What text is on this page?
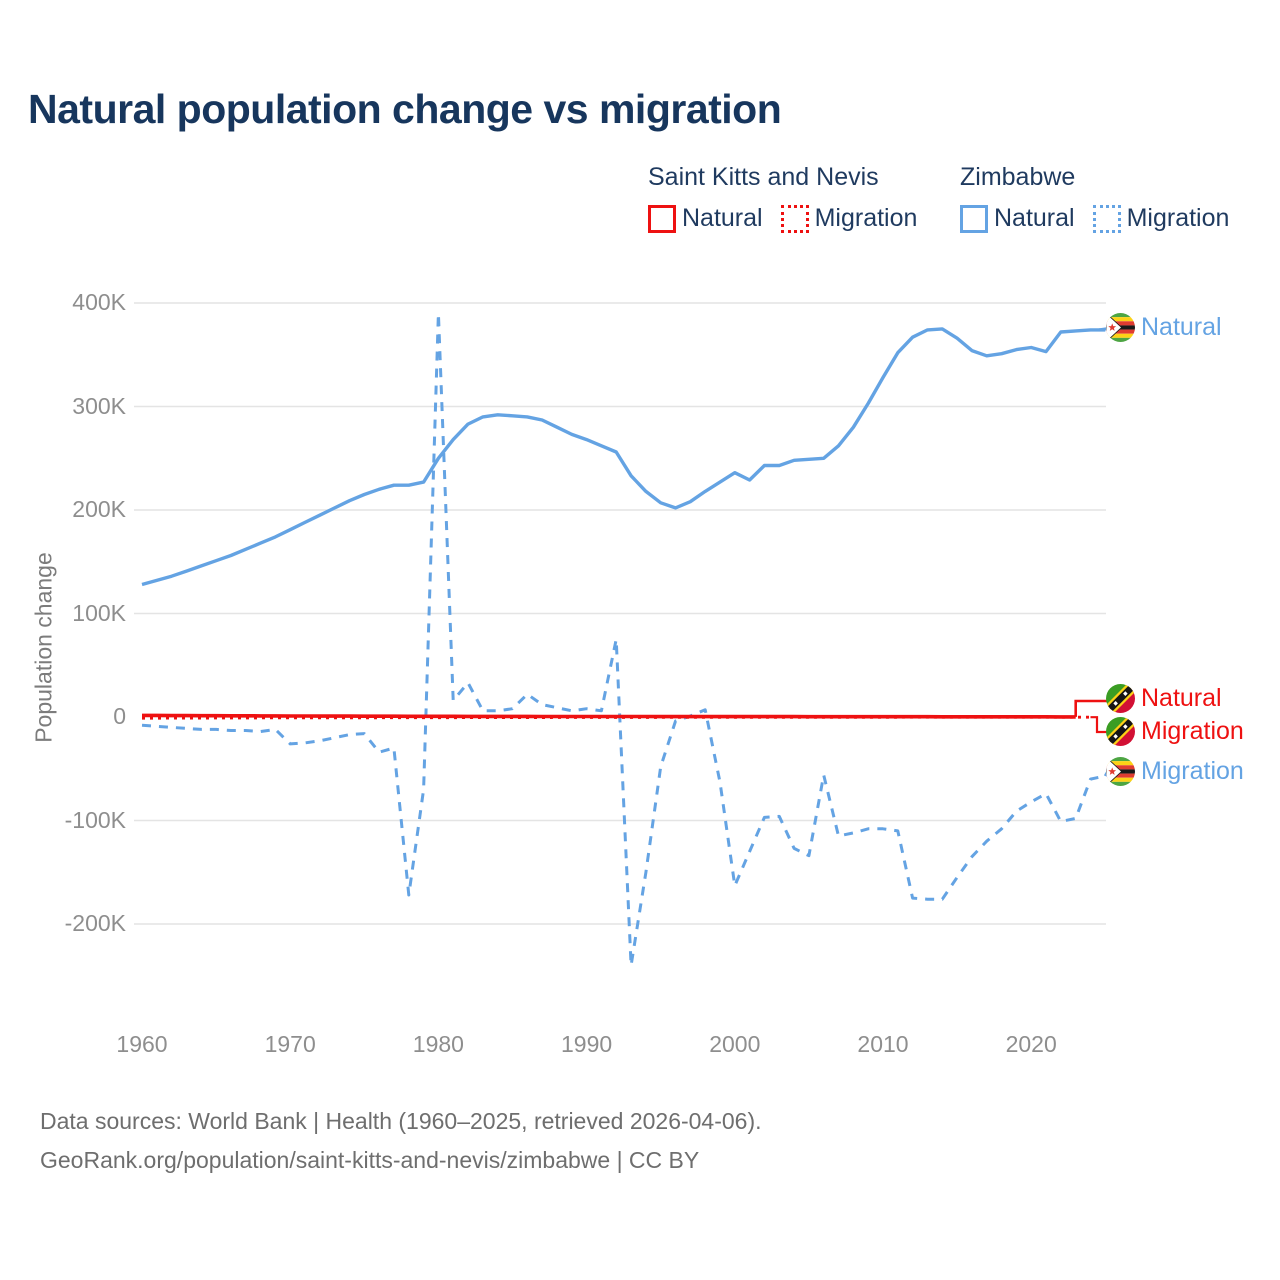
Natural population change vs migration
Saint Kitts and Nevis
Natural Migration
Zimbabwe
Natural Migration
Population change
Natural
Natural
Migration
Migration
Data sources: World Bank | Health (1960–2025, retrieved 2026-04-06).
GeoRank.org/population/saint-kitts-and-nevis/zimbabwe | CC BY
400K
300K
200K
100K
0
-100K
-200K
1960	1970	1980	1990	2000	2010	2020
